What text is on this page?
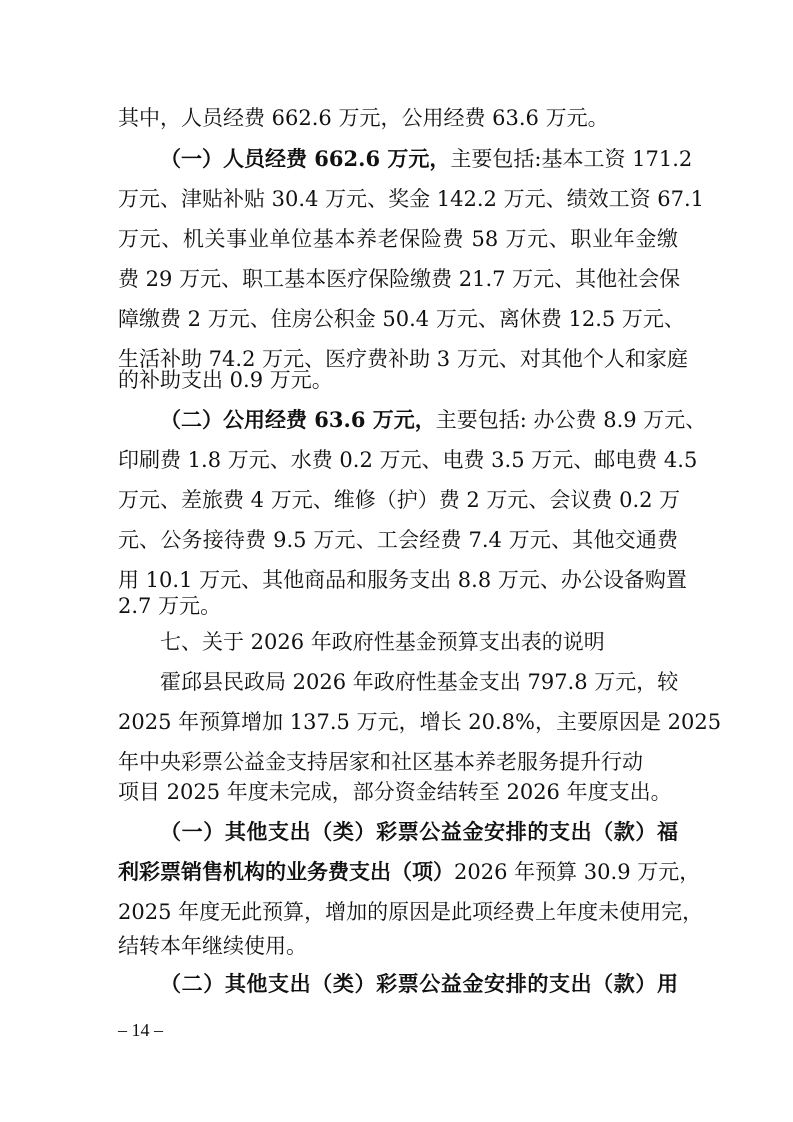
其中，人员经费 662.6 万元，公用经费 63.6 万元。
（一）人员经费 662.6 万元，主要包括:基本工资 171.2
万元、津贴补贴 30.4 万元、奖金 142.2 万元、绩效工资 67.1
万元、机关事业单位基本养老保险费 58 万元、职业年金缴
费 29 万元、职工基本医疗保险缴费 21.7 万元、其他社会保
障缴费 2 万元、住房公积金 50.4 万元、离休费 12.5 万元、
生活补助 74.2 万元、医疗费补助 3 万元、对其他个人和家庭
的补助支出 0.9 万元。
（二）公用经费 63.6 万元，主要包括: 办公费 8.9 万元、
印刷费 1.8 万元、水费 0.2 万元、电费 3.5 万元、邮电费 4.5
万元、差旅费 4 万元、维修（护）费 2 万元、会议费 0.2 万
元、公务接待费 9.5 万元、工会经费 7.4 万元、其他交通费
用 10.1 万元、其他商品和服务支出 8.8 万元、办公设备购置
2.7 万元。
七、关于 2026 年政府性基金预算支出表的说明
霍邱县民政局 2026 年政府性基金支出 797.8 万元，较
2025 年预算增加 137.5 万元，增长 20.8%，主要原因是 2025
年中央彩票公益金支持居家和社区基本养老服务提升行动
项目 2025 年度未完成，部分资金结转至 2026 年度支出。
（一）其他支出（类）彩票公益金安排的支出（款）福
利彩票销售机构的业务费支出（项）2026 年预算 30.9 万元，
2025 年度无此预算，增加的原因是此项经费上年度未使用完，
结转本年继续使用。
（二）其他支出（类）彩票公益金安排的支出（款）用
– 14 –
